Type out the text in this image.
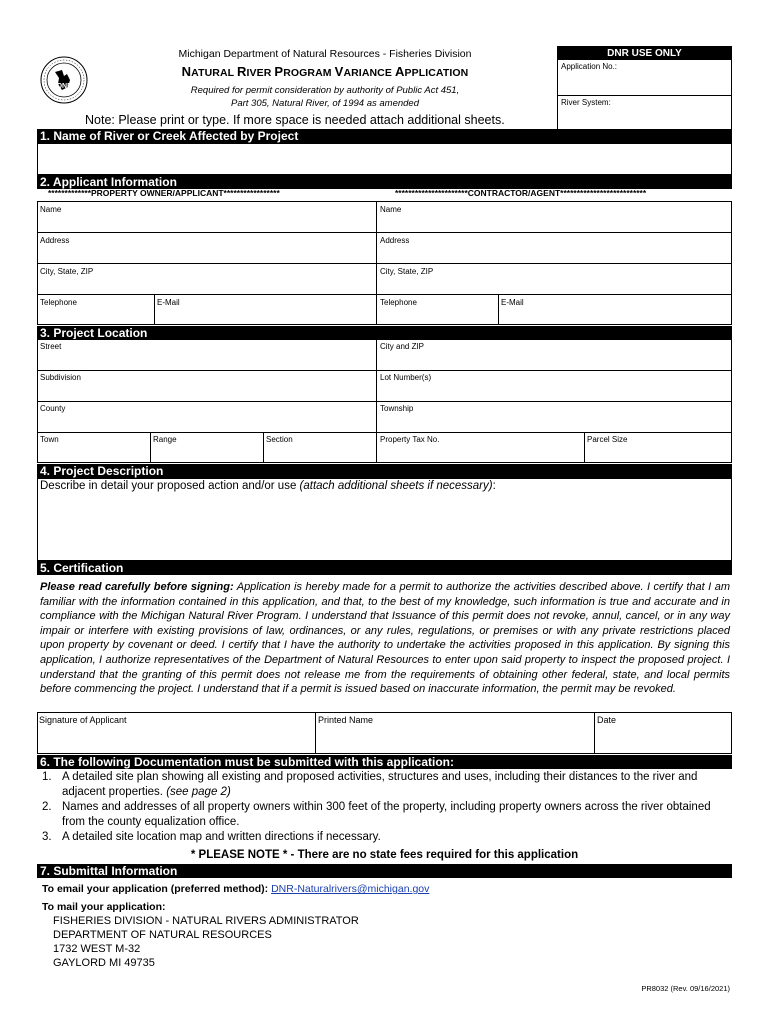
DNR
Michigan Department of Natural Resources - Fisheries Division
NATURAL RIVER PROGRAM VARIANCE APPLICATION
Required for permit consideration by authority of Public Act 451,
Part 305, Natural River, of 1994 as amended
DNR USE ONLY
Application No.:
River System:
Note: Please print or type. If more space is needed attach additional sheets.
1. Name of River or Creek Affected by Project
2. Applicant Information
*************PROPERTY OWNER/APPLICANT*****************	**********************CONTRACTOR/AGENT**************************
Name	Name
Address	Address
City, State, ZIP	City, State, ZIP
Telephone	E-Mail	Telephone	E-Mail
3. Project Location
Street	City and ZIP
Subdivision	Lot Number(s)
County	Township
Town	Range	Section	Property Tax No.	Parcel Size
4. Project Description
Describe in detail your proposed action and/or use (attach additional sheets if necessary):
5. Certification
Please read carefully before signing: Application is hereby made for a permit to authorize the activities described above. I certify that I am familiar with the information contained in this application, and that, to the best of my knowledge, such information is true and accurate and in compliance with the Michigan Natural River Program. I understand that Issuance of this permit does not revoke, annul, cancel, or in any way impair or interfere with existing provisions of law, ordinances, or any rules, regulations, or premises or with any private restrictions placed upon property by covenant or deed. I certify that I have the authority to undertake the activities proposed in this application. By signing this application, I authorize representatives of the Department of Natural Resources to enter upon said property to inspect the proposed project. I understand that the granting of this permit does not release me from the requirements of obtaining other federal, state, and local permits before commencing the project. I understand that if a permit is issued based on inaccurate information, the permit may be revoked.
Signature of Applicant	Printed Name	Date
6. The following Documentation must be submitted with this application:
1. A detailed site plan showing all existing and proposed activities, structures and uses, including their distances to the river and adjacent properties. (see page 2)
2. Names and addresses of all property owners within 300 feet of the property, including property owners across the river obtained from the county equalization office.
3. A detailed site location map and written directions if necessary.
* PLEASE NOTE * - There are no state fees required for this application
7. Submittal Information
To email your application (preferred method): DNR-Naturalrivers@michigan.gov
To mail your application:
FISHERIES DIVISION - NATURAL RIVERS ADMINISTRATOR
DEPARTMENT OF NATURAL RESOURCES
1732 WEST M-32
GAYLORD MI 49735
PR8032 (Rev. 09/16/2021)
